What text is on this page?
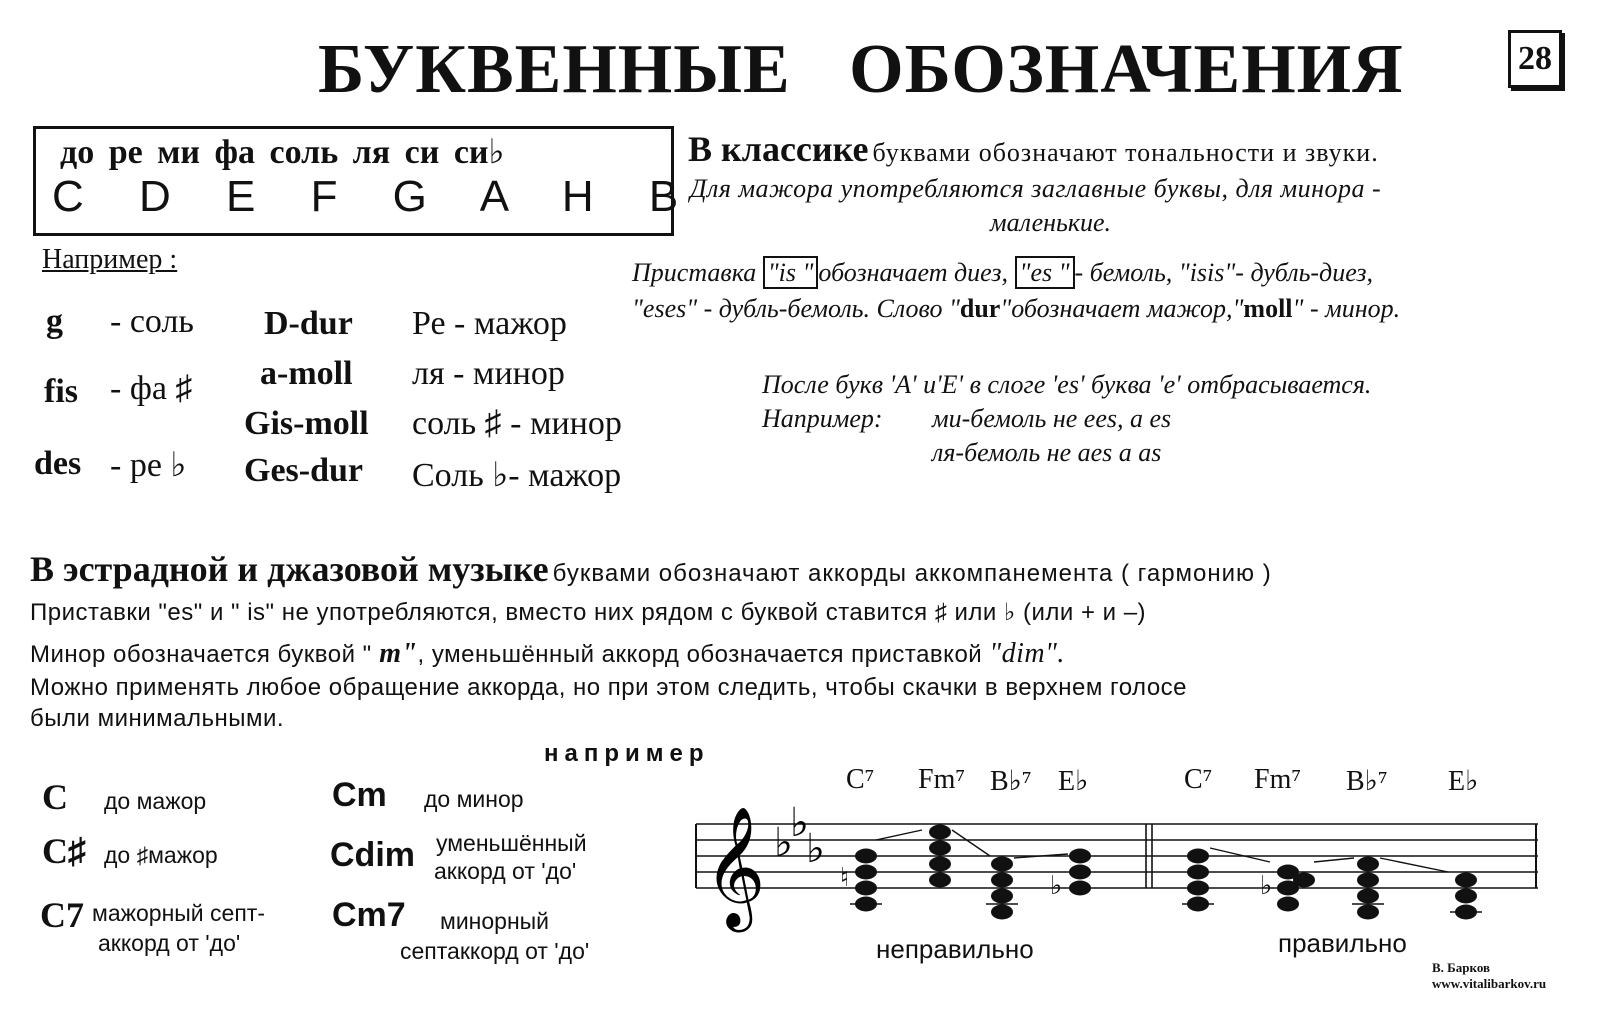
БУКВЕННЫЕ ОБОЗНАЧЕНИЯ	28
до ре ми фа соль ля си си♭
C D E F G A H B
В классике буквами обозначают тональности и звуки.
Для мажора употребляются заглавные буквы, для минора -
маленькие.
Приставка "is " обозначает диез, "es " - бемоль, "isis"- дубль-диез,
"eses" - дубль-бемоль. Слово "dur"обозначает мажор,"moll" - минор.
После букв 'A' и'E' в слоге 'es' буква 'e' отбрасывается.
Например: ми-бемоль не ees, а es
ля-бемоль не aes а as
Например :
g - соль
fis - фа ♯
des - ре ♭
D-dur Ре - мажор
a-moll ля - минор
Gis-moll соль ♯ - минор
Ges-dur Соль ♭- мажор
В эстрадной и джазовой музыке буквами обозначают аккорды аккомпанемента ( гармонию )
Приставки "es" и " is" не употребляются, вместо них рядом с буквой ставится ♯ или ♭ (или + и –)
Минор обозначается буквой " m", уменьшённый аккорд обозначается приставкой "dim".
Можно применять любое обращение аккорда, но при этом следить, чтобы скачки в верхнем голосе
были минимальными.
например
C до мажор
C♯ до ♯мажор
C7 мажорный септ-
аккорд от 'до'
Cm до минор
Cdim уменьшённый
аккорд от 'до'
Cm7 минорный
септаккорд от 'до'
C⁷ Fm⁷ B♭⁷ E♭	C⁷ Fm⁷ B♭⁷ E♭
𝄞 ♭
♭
♭
♮	♭	♭
неправильно	правильно
В. Барков
www.vitalibarkov.ru
